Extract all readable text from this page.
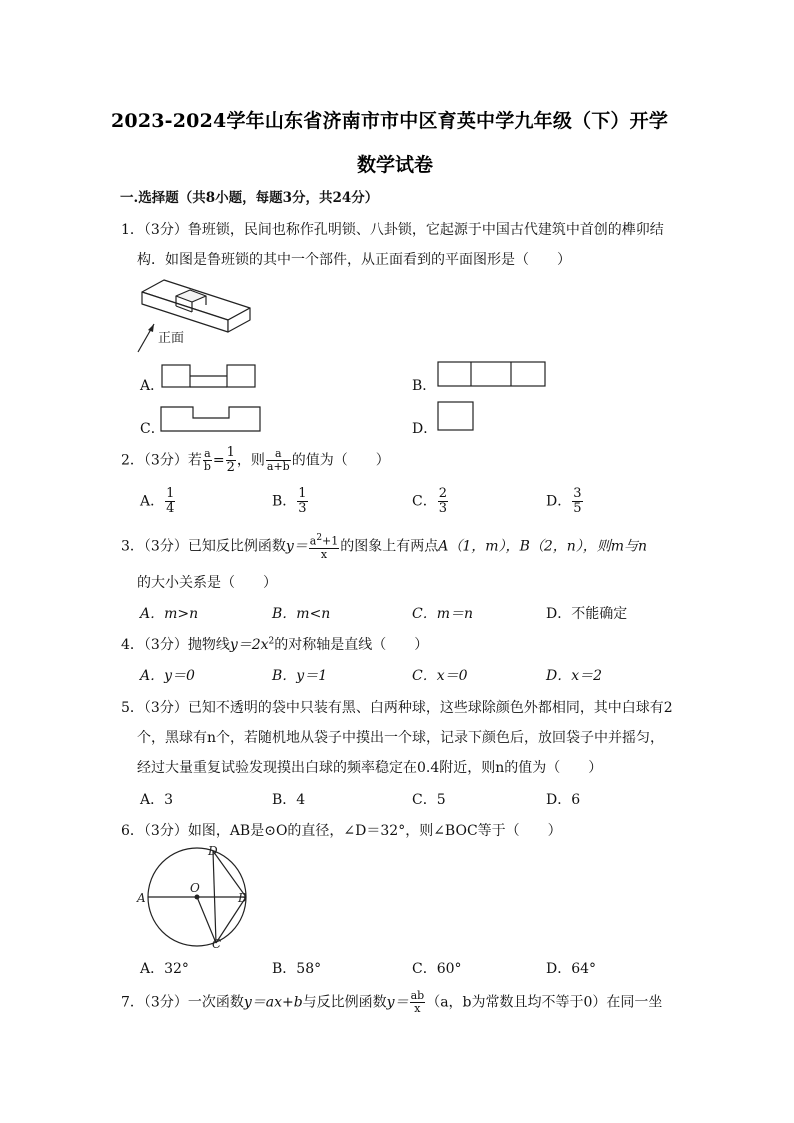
2023-2024学年山东省济南市市中区育英中学九年级（下）开学
数学试卷
一.选择题（共8小题，每题3分，共24分）
1．（3分）鲁班锁，民间也称作孔明锁、八卦锁，它起源于中国古代建筑中首创的榫卯结
构．如图是鲁班锁的其中一个部件，从正面看到的平面图形是（　　）
正面
A．	B．
C．	D．
2．（3分）若 $\frac{a}{b} = \frac{1}{2}$ ，则 $\frac{a}{a+b}$ 的值为（　　）
A． $\frac{1}{4}$	B． $\frac{1}{3}$	C． $\frac{2}{3}$	D． $\frac{3}{5}$
3．（3分）已知反比例函数$y= \frac{a^2+1}{x}$ 的图象上有两点A（1，m），B（2，n），则m与n
的大小关系是（　　）
A．m>n	B．m<n	C．m＝n	D．不能确定
4．（3分）抛物线$y=2x^2$的对称轴是直线（　　）
A．y＝0	B．y＝1	C．x＝0	D．x＝2
5．（3分）已知不透明的袋中只装有黑、白两种球，这些球除颜色外都相同，其中白球有2
个，黑球有n个，若随机地从袋子中摸出一个球，记录下颜色后，放回袋子中并摇匀，
经过大量重复试验发现摸出白球的频率稳定在0.4附近，则n的值为（　　）
A．3	B．4	C．5	D．6
6．（3分）如图，AB是⊙O的直径，∠D＝32°，则∠BOC等于（　　）
A	B
C
D
O
A．32°	B．58°	C．60°	D．64°
7．（3分）一次函数y＝ax+b与反比例函数$y= \frac{ab}{x} (a$，b为常数且均不等于0）在同一坐
